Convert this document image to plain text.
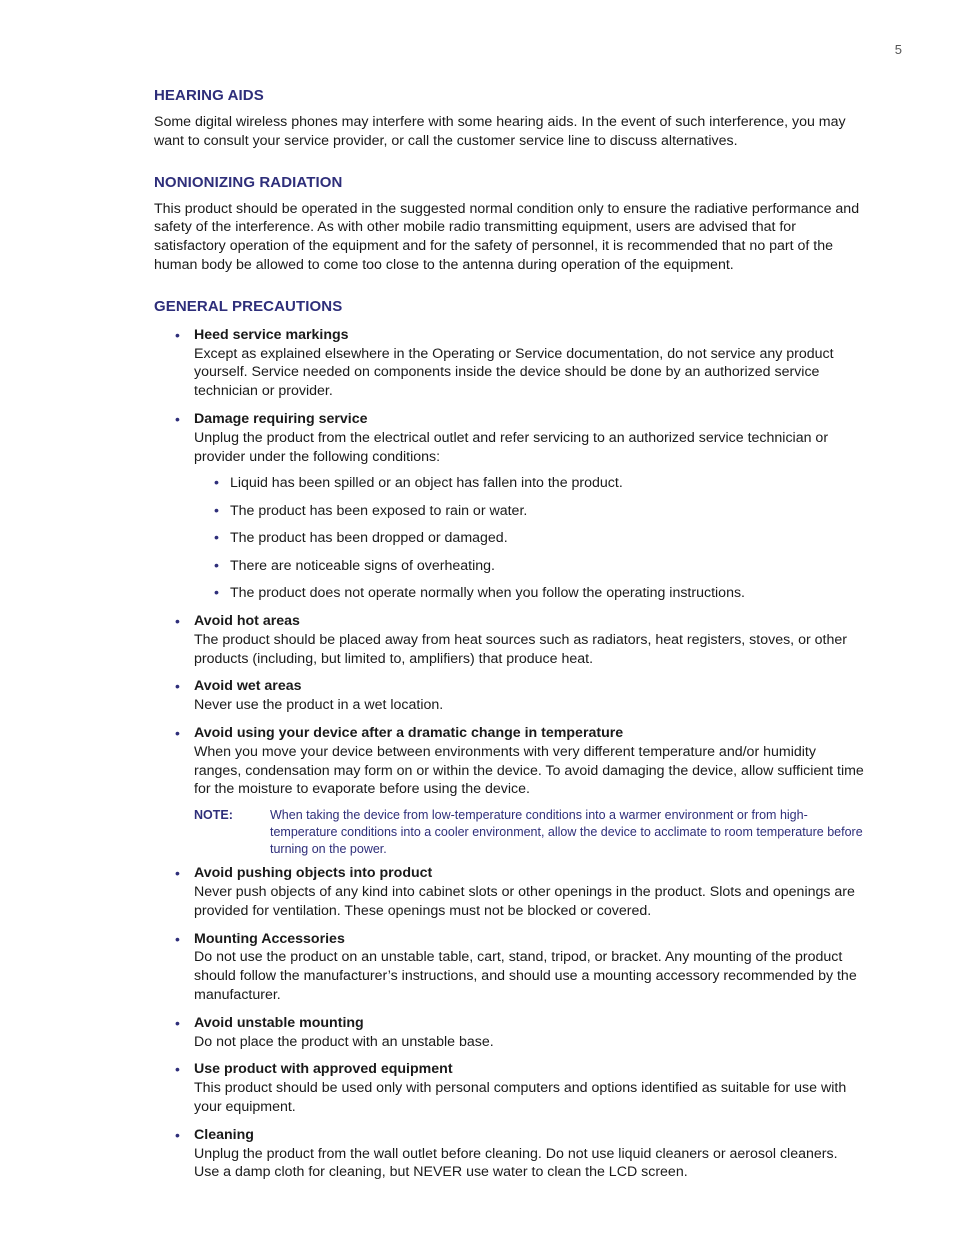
5
HEARING AIDS

Some digital wireless phones may interfere with some hearing aids. In the event of such interference, you may want to consult your service provider, or call the customer service line to discuss alternatives.

NONIONIZING RADIATION

This product should be operated in the suggested normal condition only to ensure the radiative performance and safety of the interference. As with other mobile radio transmitting equipment, users are advised that for satisfactory operation of the equipment and for the safety of personnel, it is recommended that no part of the human body be allowed to come too close to the antenna during operation of the equipment.

GENERAL PRECAUTIONS
• Heed service markings
Except as explained elsewhere in the Operating or Service documentation, do not service any product yourself. Service needed on components inside the device should be done by an authorized service technician or provider.
• Damage requiring service
Unplug the product from the electrical outlet and refer servicing to an authorized service technician or provider under the following conditions:
• Liquid has been spilled or an object has fallen into the product.
• The product has been exposed to rain or water.
• The product has been dropped or damaged.
• There are noticeable signs of overheating.
• The product does not operate normally when you follow the operating instructions.
• Avoid hot areas
The product should be placed away from heat sources such as radiators, heat registers, stoves, or other products (including, but limited to, amplifiers) that produce heat.
• Avoid wet areas
Never use the product in a wet location.
• Avoid using your device after a dramatic change in temperature
When you move your device between environments with very different temperature and/or humidity ranges, condensation may form on or within the device. To avoid damaging the device, allow sufficient time for the moisture to evaporate before using the device.
NOTE:	When taking the device from low-temperature conditions into a warmer environment or from high-temperature conditions into a cooler environment, allow the device to acclimate to room temperature before turning on the power.
• Avoid pushing objects into product
Never push objects of any kind into cabinet slots or other openings in the product. Slots and openings are provided for ventilation. These openings must not be blocked or covered.
• Mounting Accessories
Do not use the product on an unstable table, cart, stand, tripod, or bracket. Any mounting of the product should follow the manufacturer’s instructions, and should use a mounting accessory recommended by the manufacturer.
• Avoid unstable mounting
Do not place the product with an unstable base.
• Use product with approved equipment
This product should be used only with personal computers and options identified as suitable for use with your equipment.
• Cleaning
Unplug the product from the wall outlet before cleaning. Do not use liquid cleaners or aerosol cleaners. Use a damp cloth for cleaning, but NEVER use water to clean the LCD screen.
